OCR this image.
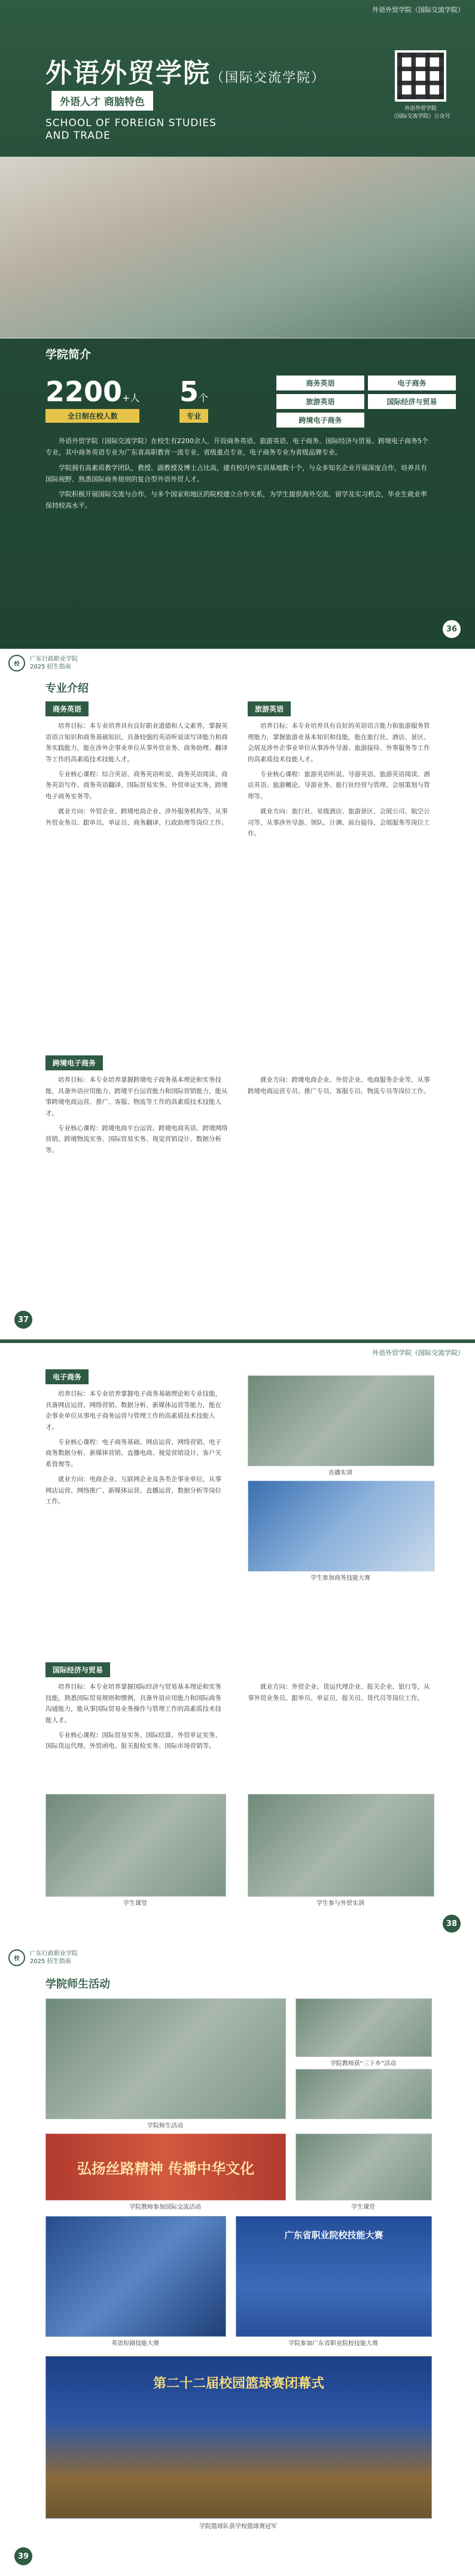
外语外贸学院（国际交流学院）
外语外贸学院（国际交流学院）
外语人才 商脑特色
SCHOOL OF FOREIGN STUDIES
AND TRADE
外语外贸学院
（国际交流学院）公众号
学院简介
2200+人
全日制在校人数
5个
专业
商务英语	电子商务
旅游英语	国际经济与贸易
跨境电子商务

外语外贸学院（国际交流学院）在校生有2200余人，开设商务英语、旅游英语、电子商务、国际经济与贸易、跨境电子商务5个专业，其中商务英语专业为广东省高职教育一流专业、省级重点专业，电子商务专业为省级品牌专业。

学院拥有高素质教学团队，教授、副教授及博士占比高，建有校内外实训基地数十个，与众多知名企业开展深度合作，培养具有国际视野、熟悉国际商务规则的复合型外语外贸人才。

学院积极开展国际交流与合作，与多个国家和地区的院校建立合作关系，为学生提供海外交流、留学及实习机会，毕业生就业率保持较高水平。

36
校
广东行政职业学院
2025 招生指南
专业介绍
商务英语

培养目标：本专业培养具有良好职业道德和人文素养，掌握英语语言知识和商务基础知识，具备较强的英语听说读写译能力和商务实践能力，能在涉外企事业单位从事外贸业务、商务助理、翻译等工作的高素质技术技能人才。

专业核心课程：综合英语、商务英语听说、商务英语阅读、商务英语写作、商务英语翻译、国际贸易实务、外贸单证实务、跨境电子商务实务等。

就业方向：外贸企业、跨境电商企业、涉外服务机构等，从事外贸业务员、跟单员、单证员、商务翻译、行政助理等岗位工作。

旅游英语

培养目标：本专业培养具有良好的英语语言能力和旅游服务管理能力，掌握旅游业基本知识和技能，能在旅行社、酒店、景区、会展及涉外企事业单位从事涉外导游、旅游接待、外事服务等工作的高素质技术技能人才。

专业核心课程：旅游英语听说、导游英语、旅游英语阅读、酒店英语、旅游概论、导游业务、旅行社经营与管理、会展策划与管理等。

就业方向：旅行社、星级酒店、旅游景区、会展公司、航空公司等，从事涉外导游、领队、计调、前台接待、会展服务等岗位工作。

跨境电子商务

培养目标：本专业培养掌握跨境电子商务基本理论和实务技能，具备外语应用能力、跨境平台运营能力和国际营销能力，能从事跨境电商运营、推广、客服、物流等工作的高素质技术技能人才。

专业核心课程：跨境电商平台运营、跨境电商英语、跨境网络营销、跨境物流实务、国际贸易实务、视觉营销设计、数据分析等。

就业方向：跨境电商企业、外贸企业、电商服务企业等，从事跨境电商运营专员、推广专员、客服专员、物流专员等岗位工作。

37
外语外贸学院（国际交流学院）
电子商务

培养目标：本专业培养掌握电子商务基础理论和专业技能，具备网店运营、网络营销、数据分析、新媒体运营等能力，能在企事业单位从事电子商务运营与管理工作的高素质技术技能人才。

专业核心课程：电子商务基础、网店运营、网络营销、电子商务数据分析、新媒体营销、直播电商、视觉营销设计、客户关系管理等。

就业方向：电商企业、互联网企业及各类企事业单位，从事网店运营、网络推广、新媒体运营、直播运营、数据分析等岗位工作。

直播实训
学生参加商务技能大赛
国际经济与贸易

培养目标：本专业培养掌握国际经济与贸易基本理论和实务技能，熟悉国际贸易规则和惯例，具备外语应用能力和国际商务沟通能力，能从事国际贸易业务操作与管理工作的高素质技术技能人才。

专业核心课程：国际贸易实务、国际结算、外贸单证实务、国际货运代理、外贸函电、报关报检实务、国际市场营销等。

就业方向：外贸企业、货运代理企业、报关企业、银行等，从事外贸业务员、跟单员、单证员、报关员、货代员等岗位工作。

学生课堂	学生参与外贸实训
38
校
广东行政职业学院
2025 招生指南
学院师生活动
学院师生活动
学院教师获“三下乡”活动
弘扬丝路精神 传播中华文化
学院教师参加国际交流活动	学生课堂
英语短剧技能大赛
广东省职业院校技能大赛
学院参加广东省职业院校技能大赛
第二十二届校园篮球赛闭幕式
学院篮球队获学校篮球赛冠军
39
